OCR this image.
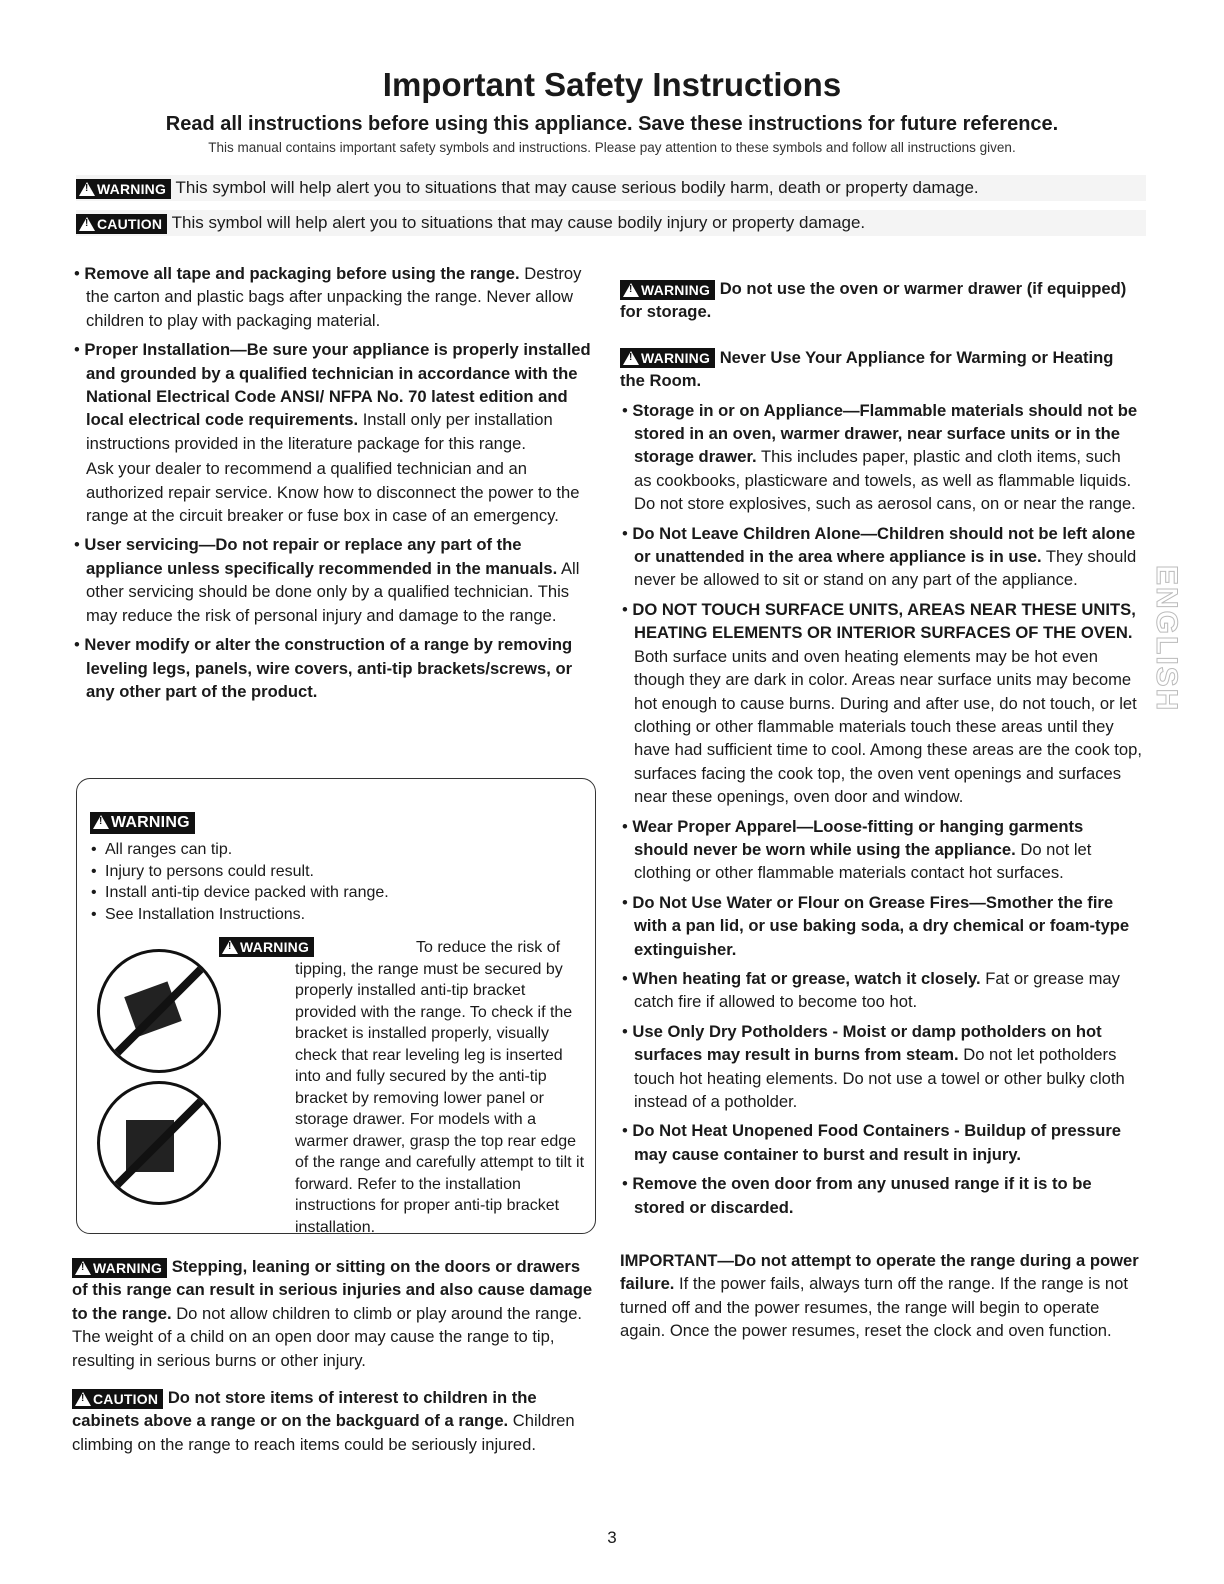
Important Safety Instructions
Read all instructions before using this appliance. Save these instructions for future reference.
This manual contains important safety symbols and instructions. Please pay attention to these symbols and follow all instructions given.
!WARNING This symbol will help alert you to situations that may cause serious bodily harm, death or property damage.
!CAUTION This symbol will help alert you to situations that may cause bodily injury or property damage.

• Remove all tape and packaging before using the range. Destroy the carton and plastic bags after unpacking the range. Never allow children to play with packaging material.

• Proper Installation—Be sure your appliance is properly installed and grounded by a qualified technician in accordance with the National Electrical Code ANSI/ NFPA No. 70 latest edition and local electrical code requirements. Install only per installation instructions provided in the literature package for this range.

Ask your dealer to recommend a qualified technician and an authorized repair service. Know how to disconnect the power to the range at the circuit breaker or fuse box in case of an emergency.

• User servicing—Do not repair or replace any part of the appliance unless specifically recommended in the manuals. All other servicing should be done only by a qualified technician. This may reduce the risk of personal injury and damage to the range.

• Never modify or alter the construction of a range by removing leveling legs, panels, wire covers, anti-tip brackets/screws, or any other part of the product.

!WARNING
• All ranges can tip.
• Injury to persons could result.
• Install anti-tip device packed with range.
• See Installation Instructions.
!WARNING	To reduce the risk of tipping, the range must be secured by properly installed anti-tip bracket provided with the range. To check if the bracket is installed properly, visually check that rear leveling leg is inserted into and fully secured by the anti-tip bracket by removing lower panel or storage drawer. For models with a warmer drawer, grasp the top rear edge of the range and carefully attempt to tilt it forward. Refer to the installation instructions for proper anti-tip bracket installation.

!WARNING Stepping, leaning or sitting on the doors or drawers of this range can result in serious injuries and also cause damage to the range. Do not allow children to climb or play around the range. The weight of a child on an open door may cause the range to tip, resulting in serious burns or other injury.

!CAUTION Do not store items of interest to children in the cabinets above a range or on the backguard of a range. Children climbing on the range to reach items could be seriously injured.

!WARNING Do not use the oven or warmer drawer (if equipped) for storage.

!WARNING Never Use Your Appliance for Warming or Heating the Room.

• Storage in or on Appliance—Flammable materials should not be stored in an oven, warmer drawer, near surface units or in the storage drawer. This includes paper, plastic and cloth items, such as cookbooks, plasticware and towels, as well as flammable liquids. Do not store explosives, such as aerosol cans, on or near the range.

• Do Not Leave Children Alone—Children should not be left alone or unattended in the area where appliance is in use. They should never be allowed to sit or stand on any part of the appliance.

• DO NOT TOUCH SURFACE UNITS, AREAS NEAR THESE UNITS, HEATING ELEMENTS OR INTERIOR SURFACES OF THE OVEN. Both surface units and oven heating elements may be hot even though they are dark in color. Areas near surface units may become hot enough to cause burns. During and after use, do not touch, or let clothing or other flammable materials touch these areas until they have had sufficient time to cool. Among these areas are the cook top, surfaces facing the cook top, the oven vent openings and surfaces near these openings, oven door and window.

• Wear Proper Apparel—Loose-fitting or hanging garments should never be worn while using the appliance. Do not let clothing or other flammable materials contact hot surfaces.

• Do Not Use Water or Flour on Grease Fires—Smother the fire with a pan lid, or use baking soda, a dry chemical or foam-type extinguisher.

• When heating fat or grease, watch it closely. Fat or grease may catch fire if allowed to become too hot.

• Use Only Dry Potholders - Moist or damp potholders on hot surfaces may result in burns from steam. Do not let potholders touch hot heating elements. Do not use a towel or other bulky cloth instead of a potholder.

• Do Not Heat Unopened Food Containers - Buildup of pressure may cause container to burst and result in injury.

• Remove the oven door from any unused range if it is to be stored or discarded.

IMPORTANT—Do not attempt to operate the range during a power failure. If the power fails, always turn off the range. If the range is not turned off and the power resumes, the range will begin to operate again. Once the power resumes, reset the clock and oven function.

ENGLISH
3
